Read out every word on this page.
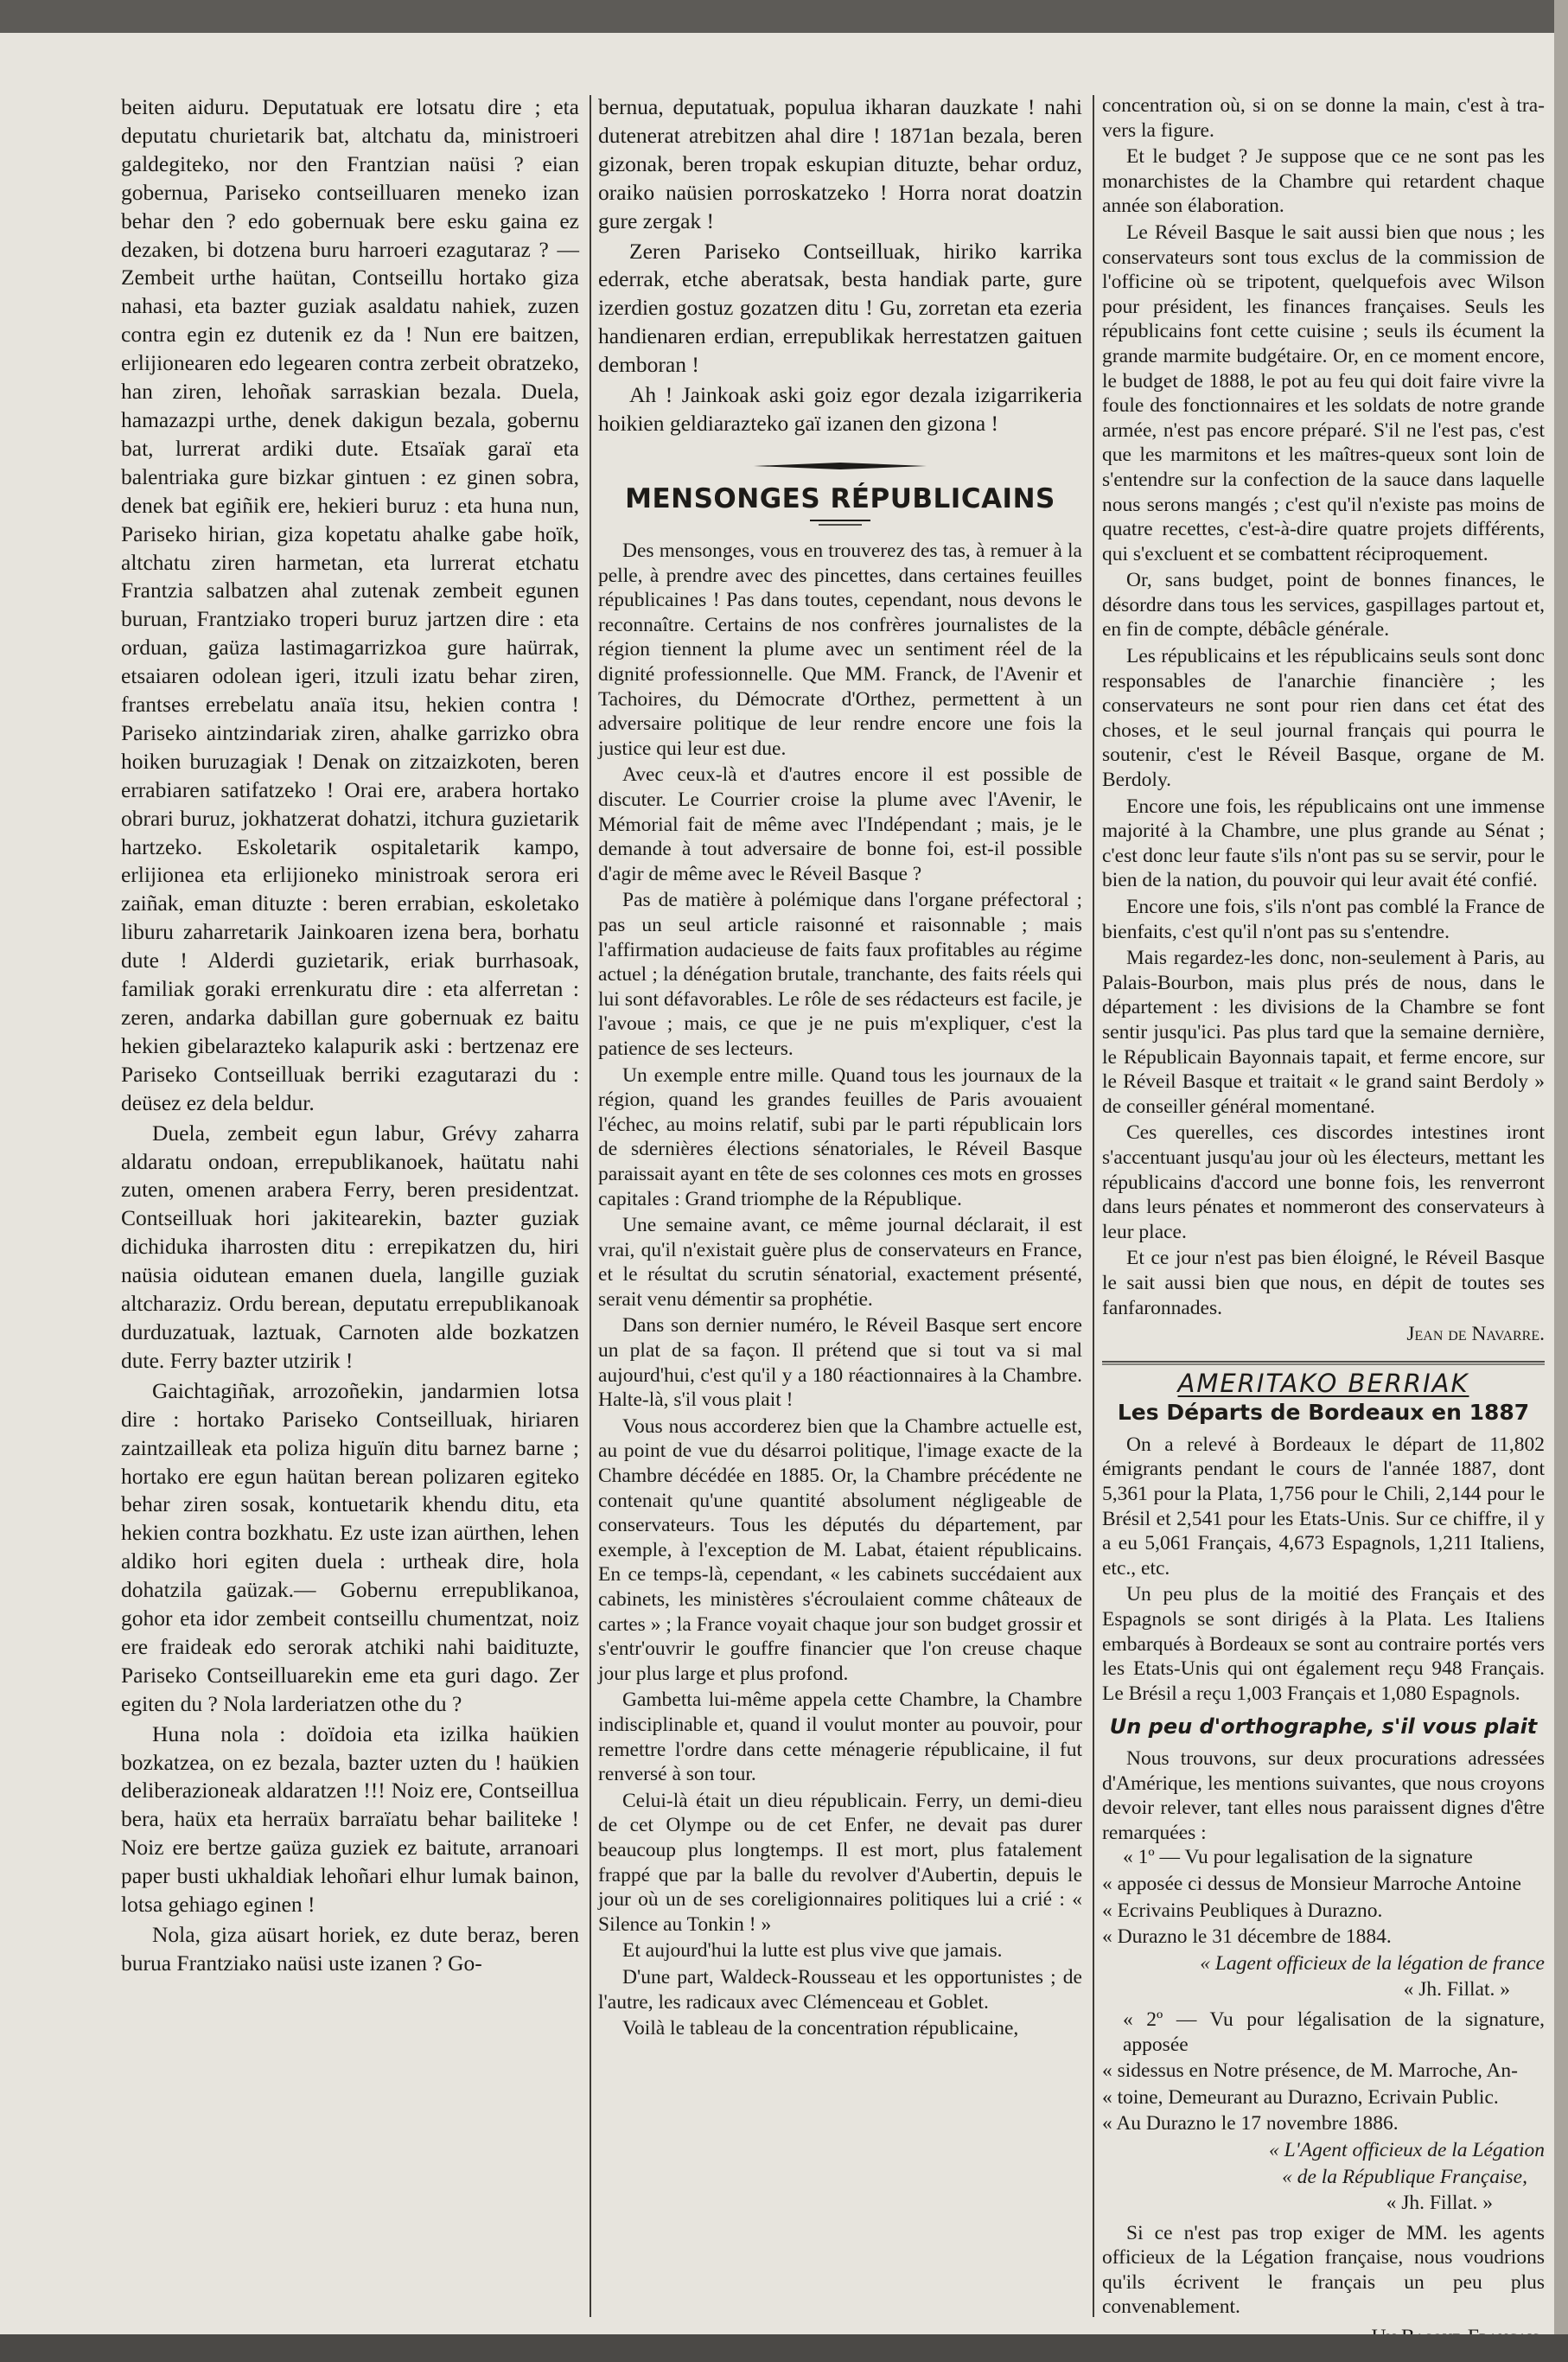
beiten aiduru. Deputatuak ere lotsatu dire ; eta deputatu churietarik bat, altchatu da, ministroeri galdegiteko, nor den Frantzian naüsi ? eian gobernua, Pariseko contseilluaren meneko izan behar den ? edo gobernuak bere esku gaina ez dezaken, bi dotzena buru harroeri ezagutaraz ? — Zembeit urthe haütan, Contseillu hortako giza nahasi, eta bazter guziak asaldatu nahiek, zuzen contra egin ez dutenik ez da ! Nun ere baitzen, erlijionearen edo legearen contra zerbeit obratzeko, han ziren, lehoñak sarraskian bezala. Duela, hamazazpi urthe, denek dakigun bezala, gobernu bat, lurrerat ardiki dute. Etsaïak garaï eta balentriaka gure bizkar gintuen : ez ginen sobra, denek bat egiñik ere, hekieri buruz : eta huna nun, Pariseko hirian, giza kopetatu ahalke gabe hoïk, altchatu ziren harmetan, eta lurrerat etchatu Frantzia salbatzen ahal zutenak zembeit egunen buruan, Frantziako troperi buruz jartzen dire : eta orduan, gaüza lastimagarrizkoa gure haürrak, etsaiaren odolean igeri, itzuli izatu behar ziren, frantses errebelatu anaïa itsu, hekien contra ! Pariseko aintzindariak ziren, ahalke garrizko obra hoiken buruzagiak ! Denak on zitzaizkoten, beren errabiaren satifatzeko ! Orai ere, arabera hortako obrari buruz, jokhatzerat dohatzi, itchura guzietarik hartzeko. Eskoletarik ospitaletarik kampo, erlijionea eta erlijioneko ministroak serora eri zaiñak, eman dituzte : beren errabian, eskoletako liburu zaharretarik Jainkoaren izena bera, borhatu dute ! Alderdi guzietarik, eriak burrhasoak, familiak goraki errenkuratu dire : eta alferretan : zeren, andarka dabillan gure gobernuak ez baitu hekien gibelarazteko kalapurik aski : bertzenaz ere Pariseko Contseilluak berriki ezagutarazi du : deüsez ez dela beldur.

Duela, zembeit egun labur, Grévy zaharra aldaratu ondoan, errepublikanoek, haütatu nahi zuten, omenen arabera Ferry, beren presidentzat. Contseilluak hori jakitearekin, bazter guziak dichiduka iharrosten ditu : errepikatzen du, hiri naüsia oidutean emanen duela, langille guziak altcharaziz. Ordu berean, deputatu errepublikanoak durduzatuak, laztuak, Carnoten alde bozkatzen dute. Ferry bazter utzirik !

Gaichtagiñak, arrozoñekin, jandarmien lotsa dire : hortako Pariseko Contseilluak, hiriaren zaintzailleak eta poliza higuïn ditu barnez barne ; hortako ere egun haütan berean polizaren egiteko behar ziren sosak, kontuetarik khendu ditu, eta hekien contra bozkhatu. Ez uste izan aürthen, lehen aldiko hori egiten duela : urtheak dire, hola dohatzila gaüzak.— Gobernu errepublikanoa, gohor eta idor zembeit contseillu chumentzat, noiz ere fraideak edo serorak atchiki nahi baidituzte, Pariseko Contseilluarekin eme eta guri dago. Zer egiten du ? Nola larderiatzen othe du ?

Huna nola : doïdoia eta izilka haükien bozkatzea, on ez bezala, bazter uzten du ! haükien deliberazioneak aldaratzen !!! Noiz ere, Contseillua bera, haüx eta herraüx barraïatu behar bailiteke ! Noiz ere bertze gaüza guziek ez baitute, arranoari paper busti ukhaldiak lehoñari elhur lumak bainon, lotsa gehiago eginen !

Nola, giza aüsart horiek, ez dute beraz, beren burua Frantziako naüsi uste izanen ? Go-

bernua, deputatuak, populua ikharan dauzkate ! nahi dutenerat atrebitzen ahal dire ! 1871an bezala, beren gizonak, beren tropak eskupian dituzte, behar orduz, oraiko naüsien porroskatzeko ! Horra norat doatzin gure zergak !

Zeren Pariseko Contseilluak, hiriko karrika ederrak, etche aberatsak, besta handiak parte, gure izerdien gostuz gozatzen ditu ! Gu, zorretan eta ezeria handienaren erdian, errepublikak herrestatzen gaituen demboran !

Ah ! Jainkoak aski goiz egor dezala izigarrikeria hoikien geldiarazteko gaï izanen den gizona !

MENSONGES RÉPUBLICAINS

Des mensonges, vous en trouverez des tas, à remuer à la pelle, à prendre avec des pincettes, dans certaines feuilles républicaines ! Pas dans toutes, cependant, nous devons le reconnaître. Certains de nos confrères journalistes de la région tiennent la plume avec un sentiment réel de la dignité professionnelle. Que MM. Franck, de l'Avenir et Tachoires, du Démocrate d'Orthez, permettent à un adversaire politique de leur rendre encore une fois la justice qui leur est due.

Avec ceux-là et d'autres encore il est possible de discuter. Le Courrier croise la plume avec l'Avenir, le Mémorial fait de même avec l'Indépendant ; mais, je le demande à tout adversaire de bonne foi, est-il possible d'agir de même avec le Réveil Basque ?

Pas de matière à polémique dans l'organe préfectoral ; pas un seul article raisonné et raisonnable ; mais l'affirmation audacieuse de faits faux profitables au régime actuel ; la dénégation brutale, tranchante, des faits réels qui lui sont défavorables. Le rôle de ses rédacteurs est facile, je l'avoue ; mais, ce que je ne puis m'expliquer, c'est la patience de ses lecteurs.

Un exemple entre mille. Quand tous les journaux de la région, quand les grandes feuilles de Paris avouaient l'échec, au moins relatif, subi par le parti républicain lors de sdernières élections sénatoriales, le Réveil Basque paraissait ayant en tête de ses colonnes ces mots en grosses capitales : Grand triomphe de la République.

Une semaine avant, ce même journal déclarait, il est vrai, qu'il n'existait guère plus de conservateurs en France, et le résultat du scrutin sénatorial, exactement présenté, serait venu démentir sa prophétie.

Dans son dernier numéro, le Réveil Basque sert encore un plat de sa façon. Il prétend que si tout va si mal aujourd'hui, c'est qu'il y a 180 réactionnaires à la Chambre. Halte-là, s'il vous plait !

Vous nous accorderez bien que la Chambre actuelle est, au point de vue du désarroi politique, l'image exacte de la Chambre décédée en 1885. Or, la Chambre précédente ne contenait qu'une quantité absolument négligeable de conservateurs. Tous les députés du département, par exemple, à l'exception de M. Labat, étaient républicains. En ce temps-là, cependant, « les cabinets succédaient aux cabinets, les ministères s'écroulaient comme châteaux de cartes » ; la France voyait chaque jour son budget grossir et s'entr'ouvrir le gouffre financier que l'on creuse chaque jour plus large et plus profond.

Gambetta lui-même appela cette Chambre, la Chambre indisciplinable et, quand il voulut monter au pouvoir, pour remettre l'ordre dans cette ménagerie républicaine, il fut renversé à son tour.

Celui-là était un dieu républicain. Ferry, un demi-dieu de cet Olympe ou de cet Enfer, ne devait pas durer beaucoup plus longtemps. Il est mort, plus fatalement frappé que par la balle du revolver d'Aubertin, depuis le jour où un de ses coreligionnaires politiques lui a crié : « Silence au Tonkin ! »

Et aujourd'hui la lutte est plus vive que jamais.

D'une part, Waldeck-Rousseau et les opportunistes ; de l'autre, les radicaux avec Clémenceau et Goblet.

Voilà le tableau de la concentration républicaine,

concentration où, si on se donne la main, c'est à tra- vers la figure.

Et le budget ? Je suppose que ce ne sont pas les monarchistes de la Chambre qui retardent chaque année son élaboration.

Le Réveil Basque le sait aussi bien que nous ; les conservateurs sont tous exclus de la commission de l'officine où se tripotent, quelquefois avec Wilson pour président, les finances françaises. Seuls les républicains font cette cuisine ; seuls ils écument la grande marmite budgétaire. Or, en ce moment encore, le budget de 1888, le pot au feu qui doit faire vivre la foule des fonctionnaires et les soldats de notre grande armée, n'est pas encore préparé. S'il ne l'est pas, c'est que les marmitons et les maîtres-queux sont loin de s'entendre sur la confection de la sauce dans laquelle nous serons mangés ; c'est qu'il n'existe pas moins de quatre recettes, c'est-à-dire quatre projets différents, qui s'excluent et se combattent réciproquement.

Or, sans budget, point de bonnes finances, le désordre dans tous les services, gaspillages partout et, en fin de compte, débâcle générale.

Les républicains et les républicains seuls sont donc responsables de l'anarchie financière ; les conservateurs ne sont pour rien dans cet état des choses, et le seul journal français qui pourra le soutenir, c'est le Réveil Basque, organe de M. Berdoly.

Encore une fois, les républicains ont une immense majorité à la Chambre, une plus grande au Sénat ; c'est donc leur faute s'ils n'ont pas su se servir, pour le bien de la nation, du pouvoir qui leur avait été confié.

Encore une fois, s'ils n'ont pas comblé la France de bienfaits, c'est qu'il n'ont pas su s'entendre.

Mais regardez-les donc, non-seulement à Paris, au Palais-Bourbon, mais plus prés de nous, dans le département : les divisions de la Chambre se font sentir jusqu'ici. Pas plus tard que la semaine dernière, le Républicain Bayonnais tapait, et ferme encore, sur le Réveil Basque et traitait « le grand saint Berdoly » de conseiller général momentané.

Ces querelles, ces discordes intestines iront s'accentuant jusqu'au jour où les électeurs, mettant les républicains d'accord une bonne fois, les renverront dans leurs pénates et nommeront des conservateurs à leur place.

Et ce jour n'est pas bien éloigné, le Réveil Basque le sait aussi bien que nous, en dépit de toutes ses fanfaronnades.

Jean de Navarre.
AMERITAKO BERRIAK
Les Départs de Bordeaux en 1887

On a relevé à Bordeaux le départ de 11,802 émigrants pendant le cours de l'année 1887, dont 5,361 pour la Plata, 1,756 pour le Chili, 2,144 pour le Brésil et 2,541 pour les Etats-Unis. Sur ce chiffre, il y a eu 5,061 Français, 4,673 Espagnols, 1,211 Italiens, etc., etc.

Un peu plus de la moitié des Français et des Espagnols se sont dirigés à la Plata. Les Italiens embarqués à Bordeaux se sont au contraire portés vers les Etats-Unis qui ont également reçu 948 Français. Le Brésil a reçu 1,003 Français et 1,080 Espagnols.

Un peu d'orthographe, s'il vous plait

Nous trouvons, sur deux procurations adressées d'Amérique, les mentions suivantes, que nous croyons devoir relever, tant elles nous paraissent dignes d'être remarquées :

« 1º — Vu pour legalisation de la signature

« apposée ci dessus de Monsieur Marroche Antoine

« Ecrivains Peubliques à Durazno.

« Durazno le 31 décembre de 1884.

« Lagent officieux de la légation de france

« Jh. Fillat. »

« 2º — Vu pour légalisation de la signature, apposée

« sidessus en Notre présence, de M. Marroche, An-

« toine, Demeurant au Durazno, Ecrivain Public.

« Au Durazno le 17 novembre 1886.

« L'Agent officieux de la Légation

« de la République Française,

« Jh. Fillat. »

Si ce n'est pas trop exiger de MM. les agents officieux de la Légation française, nous voudrions qu'ils écrivent le français un peu plus convenablement.
